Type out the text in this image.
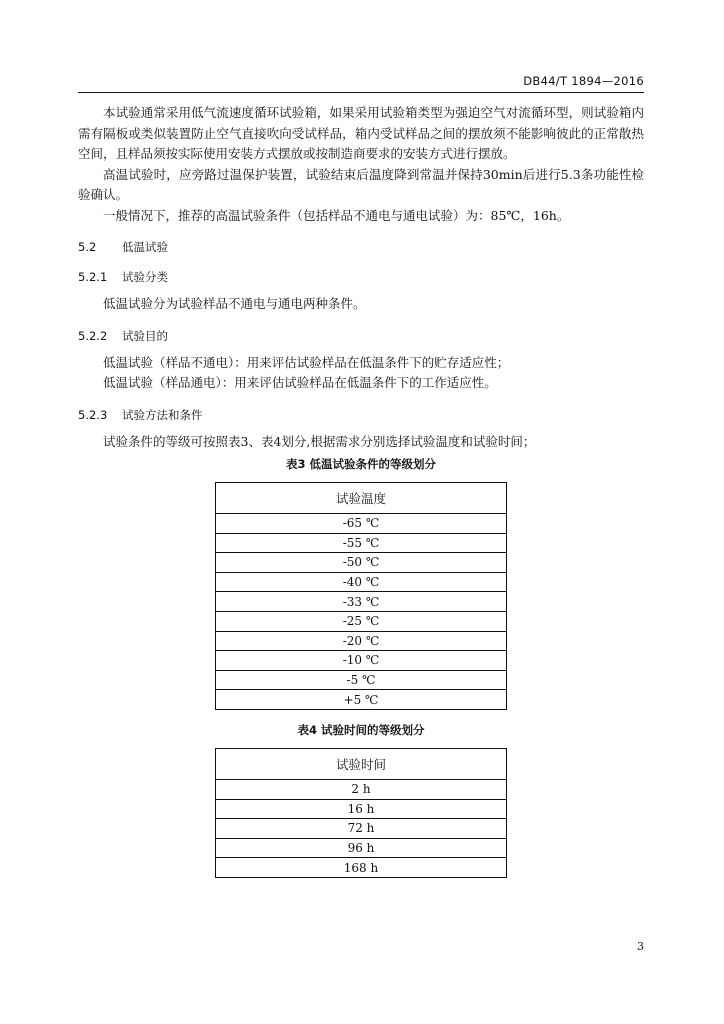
DB44/T 1894—2016

本试验通常采用低气流速度循环试验箱，如果采用试验箱类型为强迫空气对流循环型，则试验箱内需有隔板或类似装置防止空气直接吹向受试样品，箱内受试样品之间的摆放须不能影响彼此的正常散热空间，且样品须按实际使用安装方式摆放或按制造商要求的安装方式进行摆放。

高温试验时，应旁路过温保护装置，试验结束后温度降到常温并保持30min后进行5.3条功能性检验确认。

一般情况下，推荐的高温试验条件（包括样品不通电与通电试验）为：85℃，16h。

5.2 低温试验

5.2.1 试验分类

低温试验分为试验样品不通电与通电两种条件。

5.2.2 试验目的

低温试验（样品不通电）：用来评估试验样品在低温条件下的贮存适应性；

低温试验（样品通电）：用来评估试验样品在低温条件下的工作适应性。

5.2.3 试验方法和条件

试验条件的等级可按照表3、表4划分,根据需求分别选择试验温度和试验时间；

表3 低温试验条件的等级划分
试验温度
-65 ℃
-55 ℃
-50 ℃
-40 ℃
-33 ℃
-25 ℃
-20 ℃
-10 ℃
-5 ℃
+5 ℃
表4 试验时间的等级划分
试验时间
2 h
16 h
72 h
96 h
168 h
3
